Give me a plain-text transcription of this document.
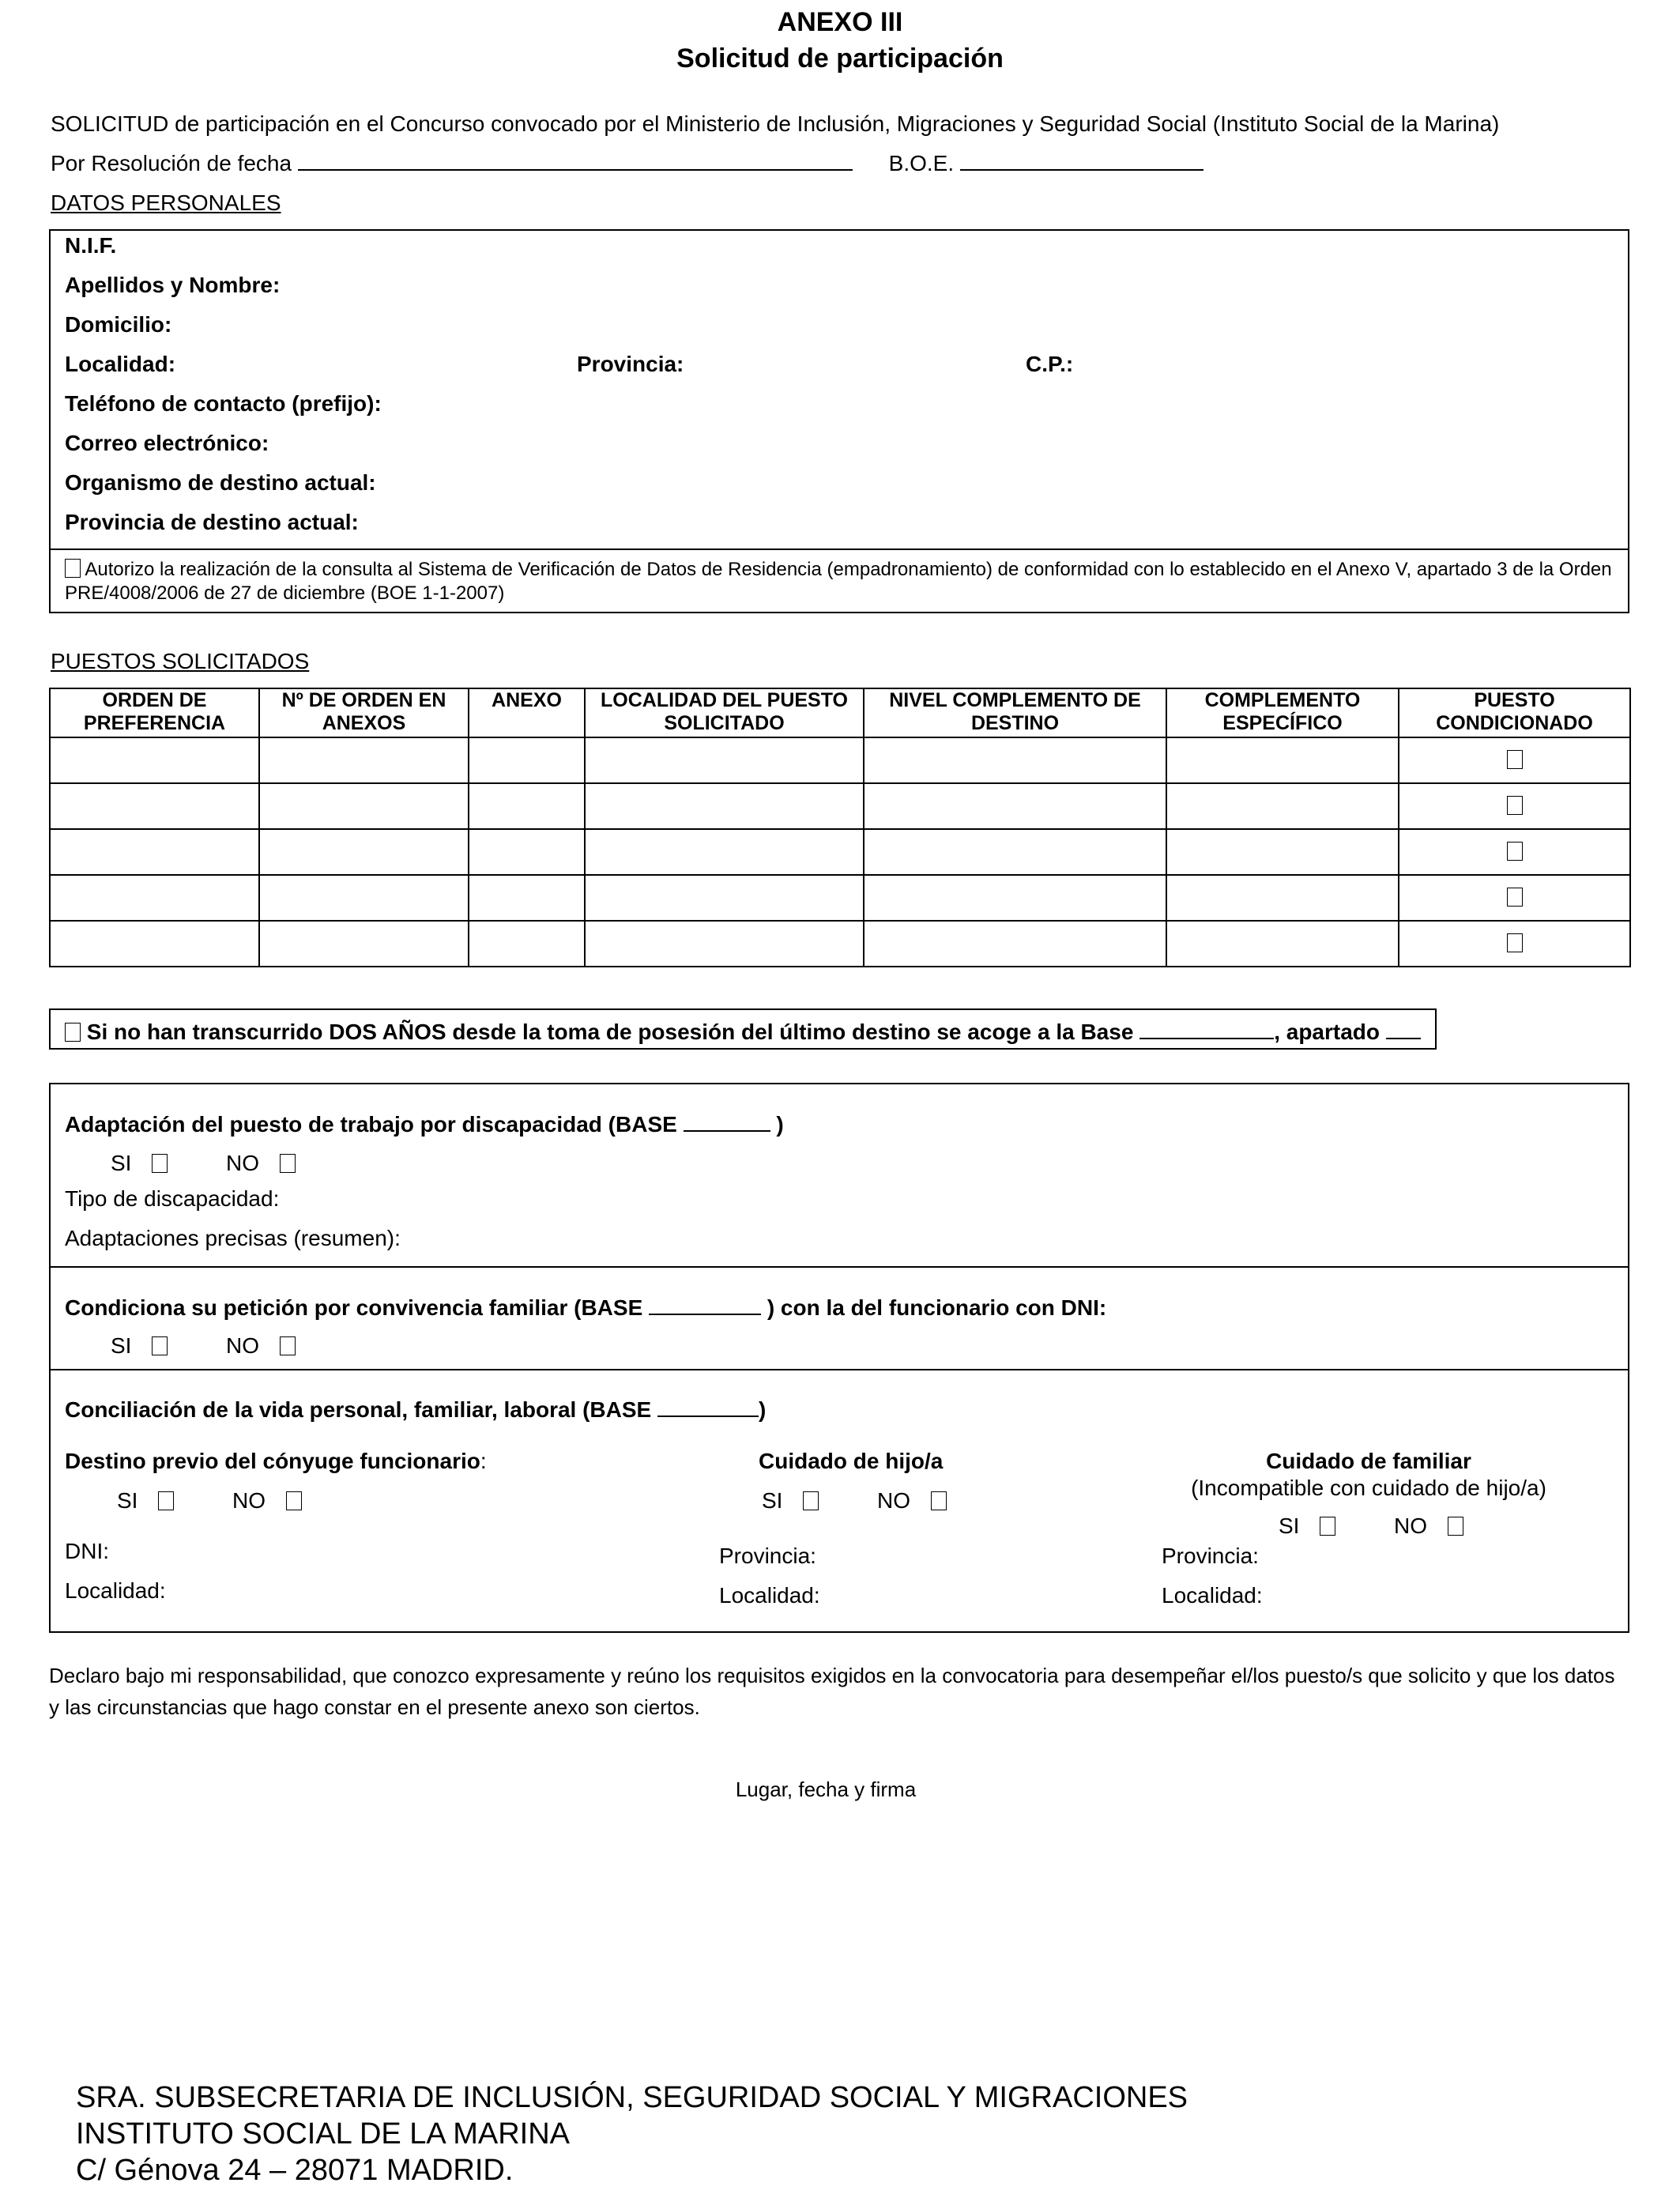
ANEXO III
Solicitud de participación
SOLICITUD de participación en el Concurso convocado por el Ministerio de Inclusión, Migraciones y Seguridad Social (Instituto Social de la Marina)
Por Resolución de fecha	B.O.E.
DATOS PERSONALES
N.I.F.
Apellidos y Nombre:
Domicilio:
Localidad:	Provincia:	C.P.:
Teléfono de contacto (prefijo):
Correo electrónico:
Organismo de destino actual:
Provincia de destino actual:
Autorizo la realización de la consulta al Sistema de Verificación de Datos de Residencia (empadronamiento) de conformidad con lo establecido en el Anexo V, apartado 3 de la Orden PRE/4008/2006 de 27 de diciembre (BOE 1-1-2007)
PUESTOS SOLICITADOS
ORDEN DE PREFERENCIA	Nº DE ORDEN EN ANEXOS	ANEXO	LOCALIDAD DEL PUESTO SOLICITADO	NIVEL COMPLEMENTO DE DESTINO	COMPLEMENTO ESPECÍFICO	PUESTO CONDICIONADO

Si no han transcurrido DOS AÑOS desde la toma de posesión del último destino se acoge a la Base	, apartado
Adaptación del puesto de trabajo por discapacidad (BASE	)
SI	NO
Tipo de discapacidad:
Adaptaciones precisas (resumen):
Condiciona su petición por convivencia familiar (BASE	) con la del funcionario con DNI:
SI	NO
Conciliación de la vida personal, familiar, laboral (BASE	)
Destino previo del cónyuge funcionario:
SI	NO
DNI:
Localidad:
Cuidado de hijo/a
SI	NO
Provincia:
Localidad:
Cuidado de familiar
(Incompatible con cuidado de hijo/a)
SI	NO
Provincia:
Localidad:
Declaro bajo mi responsabilidad, que conozco expresamente y reúno los requisitos exigidos en la convocatoria para desempeñar el/los puesto/s que solicito y que los datos
y las circunstancias que hago constar en el presente anexo son ciertos.
Lugar, fecha y firma
SRA. SUBSECRETARIA DE INCLUSIÓN, SEGURIDAD SOCIAL Y MIGRACIONES
INSTITUTO SOCIAL DE LA MARINA
C/ Génova 24 – 28071 MADRID.
